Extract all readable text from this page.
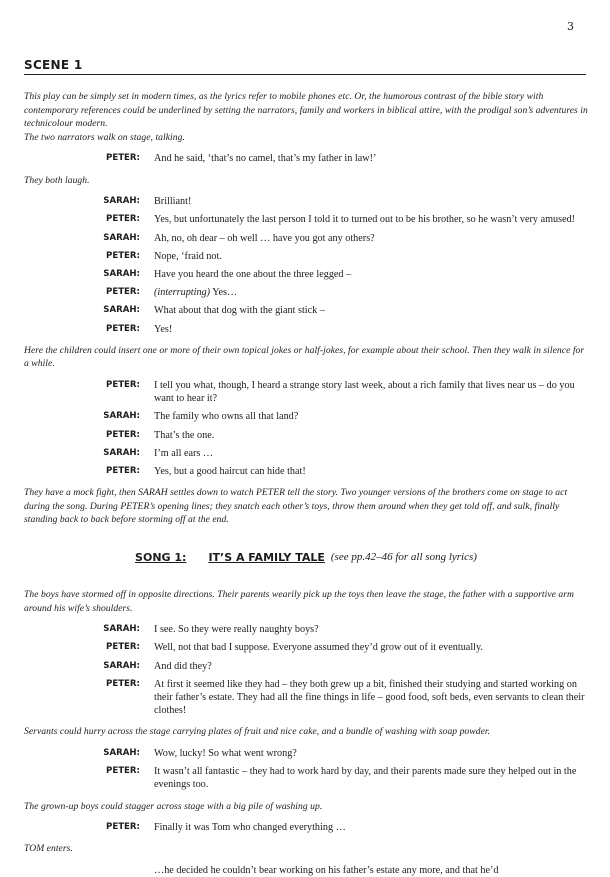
3
SCENE 1

This play can be simply set in modern times, as the lyrics refer to mobile phones etc. Or, the humorous contrast of the bible story with contemporary references could be underlined by setting the narrators, family and workers in biblical attire, with the prodigal son’s adventures in technicolour modern.

The two narrators walk on stage, talking.

PETER:	And he said, ‘that’s no camel, that’s my father in law!’

They both laugh.

SARAH:	Brilliant!
PETER:	Yes, but unfortunately the last person I told it to turned out to be his brother, so he wasn’t very amused!
SARAH:	Ah, no, oh dear – oh well … have you got any others?
PETER:	Nope, ‘fraid not.
SARAH:	Have you heard the one about the three legged –
PETER:	(interrupting) Yes…
SARAH:	What about that dog with the giant stick –
PETER:	Yes!

Here the children could insert one or more of their own topical jokes or half-jokes, for example about their school. Then they walk in silence for a while.

PETER:	I tell you what, though, I heard a strange story last week, about a rich family that lives near us – do you want to hear it?
SARAH:	The family who owns all that land?
PETER:	That’s the one.
SARAH:	I’m all ears …
PETER:	Yes, but a good haircut can hide that!

They have a mock fight, then SARAH settles down to watch PETER tell the story. Two younger versions of the brothers come on stage to act during the song. During PETER’s opening lines; they snatch each other’s toys, throw them around when they get told off, and sulk, finally standing back to back before storming off at the end.

SONG 1: IT’S A FAMILY TALE (see pp.42–46 for all song lyrics)

The boys have stormed off in opposite directions. Their parents wearily pick up the toys then leave the stage, the father with a supportive arm around his wife’s shoulders.

SARAH:	I see. So they were really naughty boys?
PETER:	Well, not that bad I suppose. Everyone assumed they’d grow out of it eventually.
SARAH:	And did they?
PETER:	At first it seemed like they had – they both grew up a bit, finished their studying and started working on their father’s estate. They had all the fine things in life – good food, soft beds, even servants to clean their clothes!

Servants could hurry across the stage carrying plates of fruit and nice cake, and a bundle of washing with soap powder.

SARAH:	Wow, lucky! So what went wrong?
PETER:	It wasn’t all fantastic – they had to work hard by day, and their parents made sure they helped out in the evenings too.

The grown-up boys could stagger across stage with a big pile of washing up.

PETER:	Finally it was Tom who changed everything …

TOM enters.

…he decided he couldn’t bear working on his father’s estate any more, and that he’d
